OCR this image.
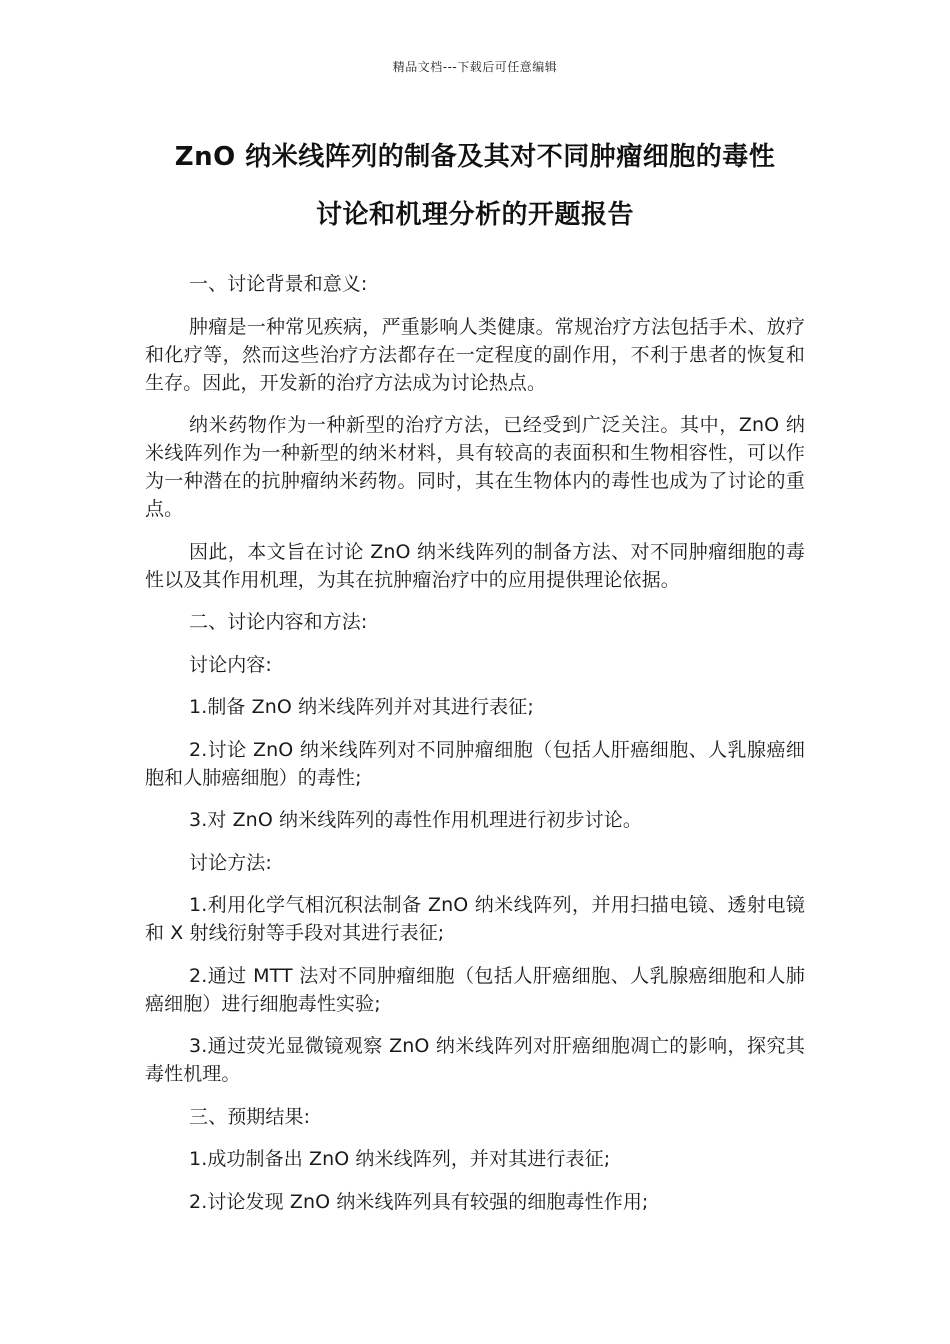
精品文档---下载后可任意编辑
ZnO 纳米线阵列的制备及其对不同肿瘤细胞的毒性
讨论和机理分析的开题报告

一、讨论背景和意义:

肿瘤是一种常见疾病，严重影响人类健康。常规治疗方法包括手术、放疗和化疗等，然而这些治疗方法都存在一定程度的副作用，不利于患者的恢复和生存。因此，开发新的治疗方法成为讨论热点。

纳米药物作为一种新型的治疗方法，已经受到广泛关注。其中，ZnO 纳米线阵列作为一种新型的纳米材料，具有较高的表面积和生物相容性，可以作为一种潜在的抗肿瘤纳米药物。同时，其在生物体内的毒性也成为了讨论的重点。

因此，本文旨在讨论 ZnO 纳米线阵列的制备方法、对不同肿瘤细胞的毒性以及其作用机理，为其在抗肿瘤治疗中的应用提供理论依据。

二、讨论内容和方法:

讨论内容:

1.制备 ZnO 纳米线阵列并对其进行表征;

2.讨论 ZnO 纳米线阵列对不同肿瘤细胞（包括人肝癌细胞、人乳腺癌细胞和人肺癌细胞）的毒性;

3.对 ZnO 纳米线阵列的毒性作用机理进行初步讨论。

讨论方法:

1.利用化学气相沉积法制备 ZnO 纳米线阵列，并用扫描电镜、透射电镜和 X 射线衍射等手段对其进行表征;

2.通过 MTT 法对不同肿瘤细胞（包括人肝癌细胞、人乳腺癌细胞和人肺癌细胞）进行细胞毒性实验;

3.通过荧光显微镜观察 ZnO 纳米线阵列对肝癌细胞凋亡的影响，探究其毒性机理。

三、预期结果:

1.成功制备出 ZnO 纳米线阵列，并对其进行表征;

2.讨论发现 ZnO 纳米线阵列具有较强的细胞毒性作用;
